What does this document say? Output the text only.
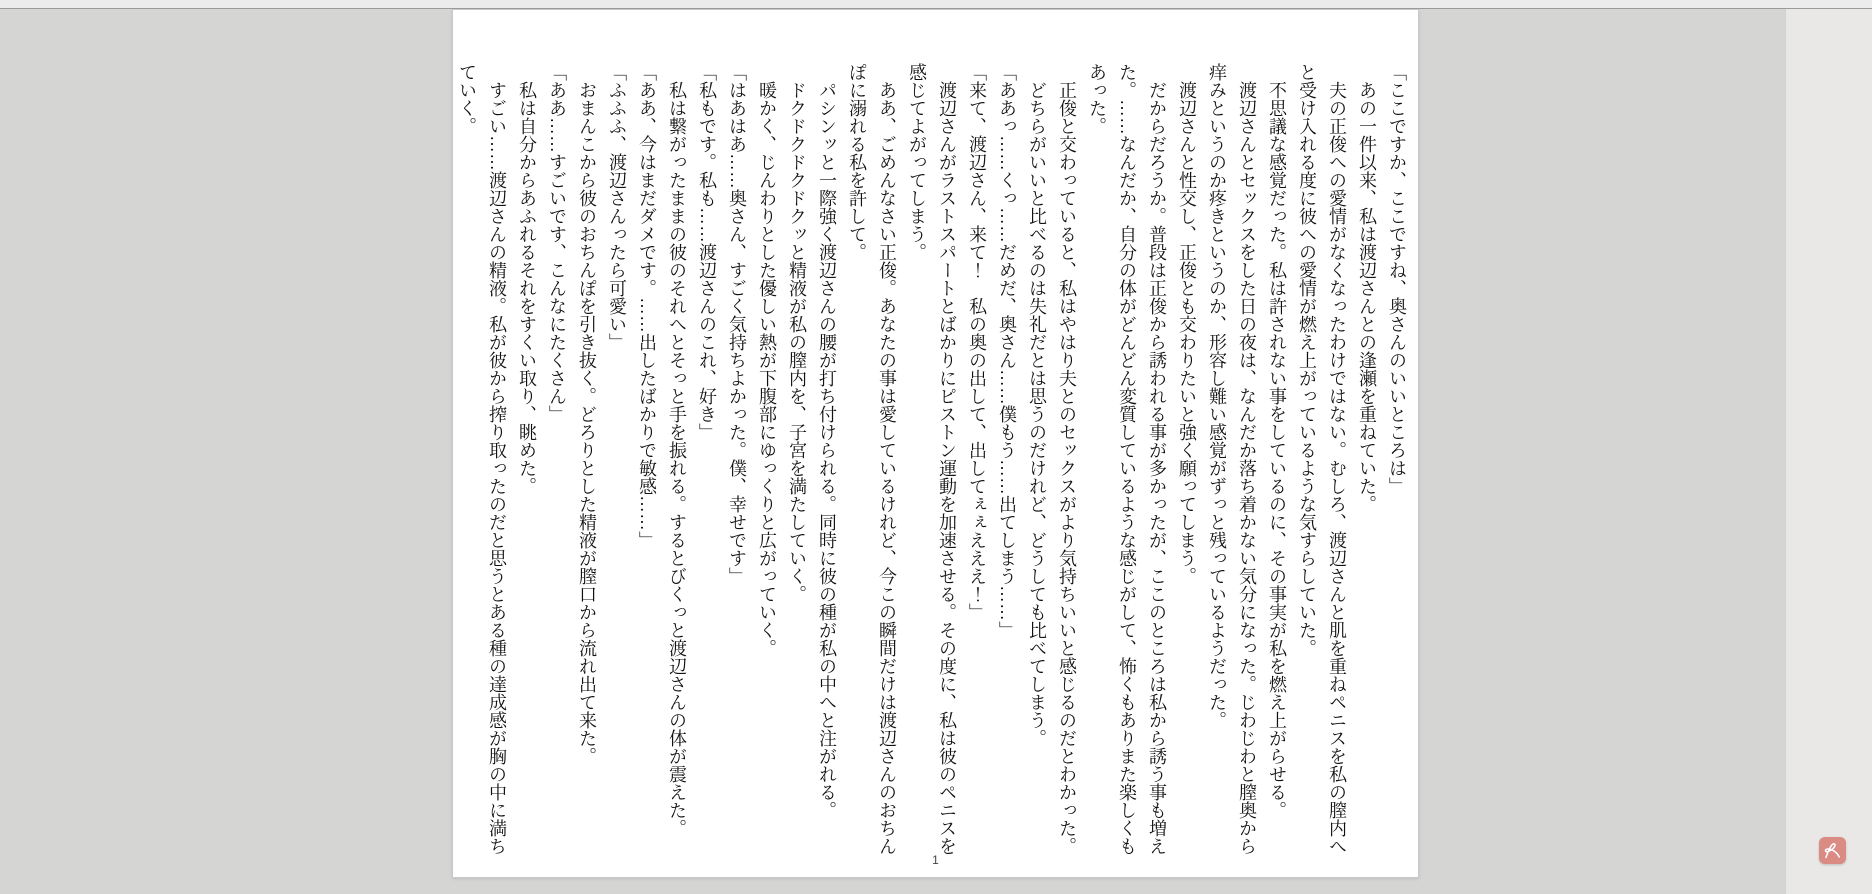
「ここですか、ここですね、奥さんのいいところは」

　あの一件以来、私は渡辺さんとの逢瀬を重ねていた。

　夫の正俊への愛情がなくなったわけではない。むしろ、渡辺さんと肌を重ねペニスを私の膣内へと受け入れる度に彼への愛情が燃え上がっているような気すらしていた。

　不思議な感覚だった。私は許されない事をしているのに、その事実が私を燃え上がらせる。

　渡辺さんとセックスをした日の夜は、なんだか落ち着かない気分になった。じわじわと膣奥から痒みというのか疼きというのか、形容し難い感覚がずっと残っているようだった。

　渡辺さんと性交し、正俊とも交わりたいと強く願ってしまう。

　だからだろうか。普段は正俊から誘われる事が多かったが、ここのところは私から誘う事も増えた。……なんだか、自分の体がどんどん変質しているような感じがして、怖くもありまた楽しくもあった。

　正俊と交わっていると、私はやはり夫とのセックスがより気持ちいいと感じるのだとわかった。

　どちらがいいと比べるのは失礼だとは思うのだけれど、どうしても比べてしまう。

「ああっ……くっ……だめだ、奥さん……僕もう……出てしまう……」

「来て、渡辺さん、来て！　私の奥の出して、出してぇぇえええ！」

　渡辺さんがラストスパートとばかりにピストン運動を加速させる。その度に、私は彼のペニスを感じてよがってしまう。

　ああ、ごめんなさい正俊。あなたの事は愛しているけれど、今この瞬間だけは渡辺さんのおちんぽに溺れる私を許して。

　パシンッと一際強く渡辺さんの腰が打ち付けられる。同時に彼の種が私の中へと注がれる。

　ドクドクドクドクッと精液が私の膣内を、子宮を満たしていく。

　暖かく、じんわりとした優しい熱が下腹部にゆっくりと広がっていく。

「はあはあ……奥さん、すごく気持ちよかった。僕、幸せです」

「私もです。私も……渡辺さんのこれ、好き」

　私は繋がったままの彼のそれへとそっと手を振れる。するとびくっと渡辺さんの体が震えた。

「ああ、今はまだダメです。……出したばかりで敏感……」

「ふふふ、渡辺さんったら可愛い」

　おまんこから彼のおちんぽを引き抜く。どろりとした精液が膣口から流れ出て来た。

「ああ……すごいです、こんなにたくさん」

　私は自分からあふれるそれをすくい取り、眺めた。

　すごい……渡辺さんの精液。私が彼から搾り取ったのだと思うとある種の達成感が胸の中に満ちていく。

1
